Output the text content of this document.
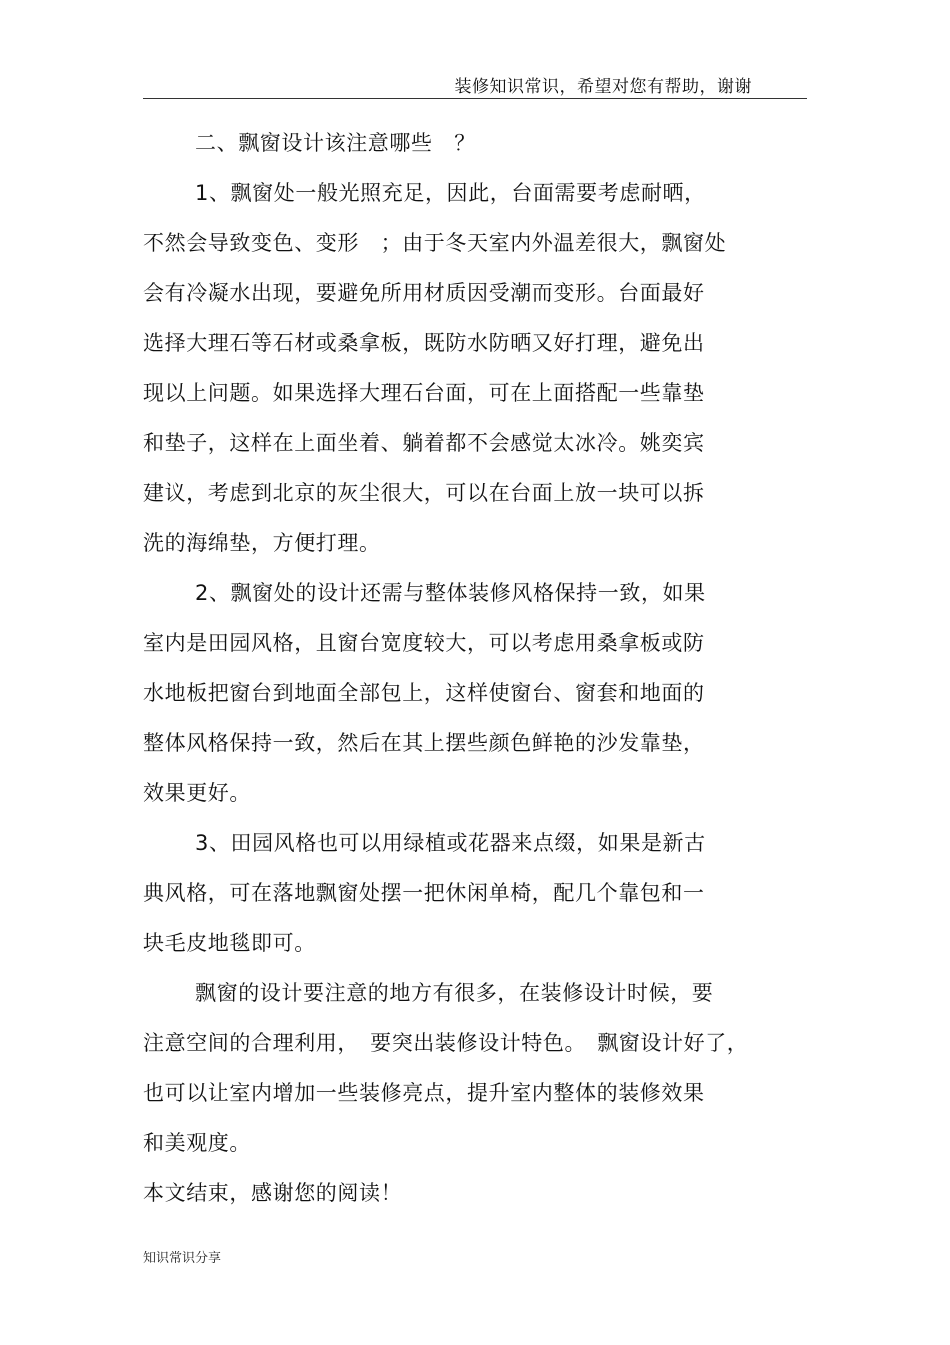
装修知识常识，希望对您有帮助，谢谢
二、飘窗设计该注意哪些　？
1、飘窗处一般光照充足，因此，台面需要考虑耐晒，
不然会导致变色、变形　；由于冬天室内外温差很大，飘窗处
会有冷凝水出现，要避免所用材质因受潮而变形。台面最好
选择大理石等石材或桑拿板，既防水防晒又好打理，避免出
现以上问题。如果选择大理石台面，可在上面搭配一些靠垫
和垫子，这样在上面坐着、躺着都不会感觉太冰冷。姚奕宾
建议，考虑到北京的灰尘很大，可以在台面上放一块可以拆
洗的海绵垫，方便打理。
2、飘窗处的设计还需与整体装修风格保持一致，如果
室内是田园风格，且窗台宽度较大，可以考虑用桑拿板或防
水地板把窗台到地面全部包上，这样使窗台、窗套和地面的
整体风格保持一致，然后在其上摆些颜色鲜艳的沙发靠垫，
效果更好。
3、田园风格也可以用绿植或花器来点缀，如果是新古
典风格，可在落地飘窗处摆一把休闲单椅，配几个靠包和一
块毛皮地毯即可。
飘窗的设计要注意的地方有很多，在装修设计时候，要
注意空间的合理利用，　要突出装修设计特色。　飘窗设计好了，
也可以让室内增加一些装修亮点，提升室内整体的装修效果
和美观度。
本文结束，感谢您的阅读！
知识常识分享
